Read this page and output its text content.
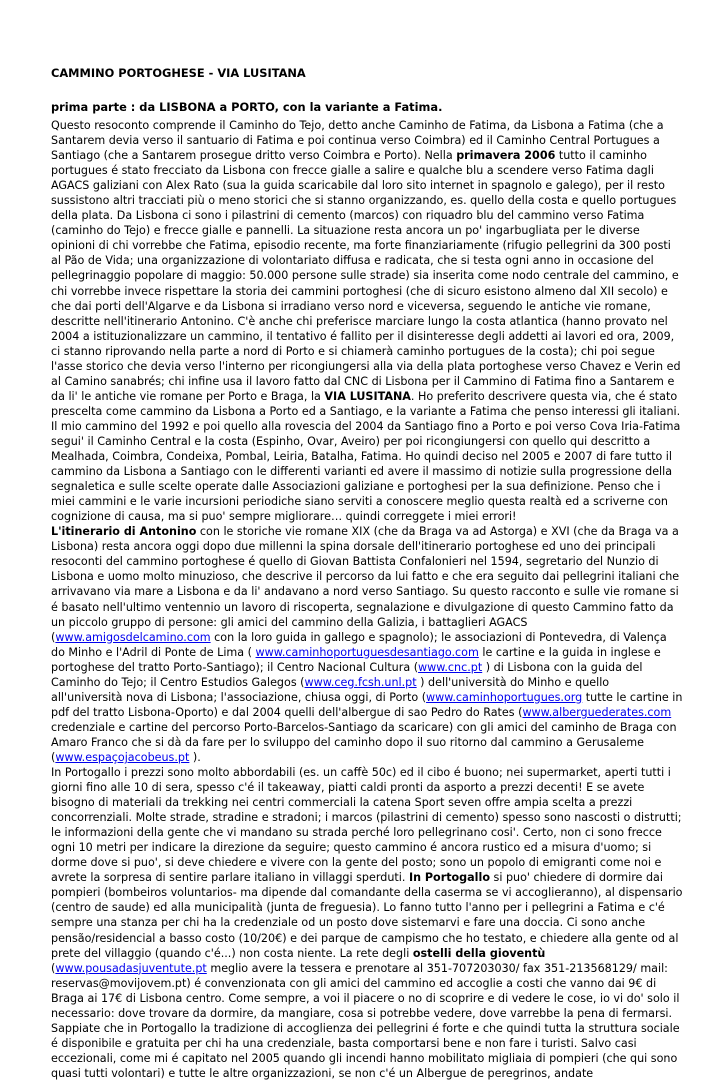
CAMMINO PORTOGHESE - VIA LUSITANA

prima parte : da LISBONA a PORTO, con la variante a Fatima.

Questo resoconto comprende il Caminho do Tejo, detto anche Caminho de Fatima, da Lisbona a Fatima (che a Santarem devia verso il santuario di Fatima e poi continua verso Coimbra) ed il Caminho Central Portugues a Santiago (che a Santarem prosegue dritto verso Coimbra e Porto). Nella primavera 2006 tutto il caminho portugues é stato frecciato da Lisbona con frecce gialle a salire e qualche blu a scendere verso Fatima dagli AGACS galiziani con Alex Rato (sua la guida scaricabile dal loro sito internet in spagnolo e galego), per il resto sussistono altri tracciati più o meno storici che si stanno organizzando, es. quello della costa e quello portugues della plata. Da Lisbona ci sono i pilastrini di cemento (marcos) con riquadro blu del cammino verso Fatima (caminho do Tejo) e frecce gialle e pannelli. La situazione resta ancora un po' ingarbugliata per le diverse opinioni di chi vorrebbe che Fatima, episodio recente, ma forte finanziariamente (rifugio pellegrini da 300 posti al Pão de Vida; una organizzazione di volontariato diffusa e radicata, che si testa ogni anno in occasione del pellegrinaggio popolare di maggio: 50.000 persone sulle strade) sia inserita come nodo centrale del cammino, e chi vorrebbe invece rispettare la storia dei cammini portoghesi (che di sicuro esistono almeno dal XII secolo) e che dai porti dell'Algarve e da Lisbona si irradiano verso nord e viceversa, seguendo le antiche vie romane, descritte nell'itinerario Antonino. C'è anche chi preferisce marciare lungo la costa atlantica (hanno provato nel 2004 a istituzionalizzare un cammino, il tentativo é fallito per il disinteresse degli addetti ai lavori ed ora, 2009, ci stanno riprovando nella parte a nord di Porto e si chiamerà caminho portugues de la costa); chi poi segue l'asse storico che devia verso l'interno per ricongiungersi alla via della plata portoghese verso Chavez e Verin ed al Camino sanabrés; chi infine usa il lavoro fatto dal CNC di Lisbona per il Cammino di Fatima fino a Santarem e da li' le antiche vie romane per Porto e Braga, la VIA LUSITANA. Ho preferito descrivere questa via, che é stato prescelta come cammino da Lisbona a Porto ed a Santiago, e la variante a Fatima che penso interessi gli italiani. Il mio cammino del 1992 e poi quello alla rovescia del 2004 da Santiago fino a Porto e poi verso Cova Iria-Fatima segui' il Caminho Central e la costa (Espinho, Ovar, Aveiro) per poi ricongiungersi con quello qui descritto a Mealhada, Coimbra, Condeixa, Pombal, Leiria, Batalha, Fatima. Ho quindi deciso nel 2005 e 2007 di fare tutto il cammino da Lisbona a Santiago con le differenti varianti ed avere il massimo di notizie sulla progressione della segnaletica e sulle scelte operate dalle Associazioni galiziane e portoghesi per la sua definizione. Penso che i miei cammini e le varie incursioni periodiche siano serviti a conoscere meglio questa realtà ed a scriverne con cognizione di causa, ma si puo' sempre migliorare… quindi correggete i miei errori!

L'itinerario di Antonino con le storiche vie romane XIX (che da Braga va ad Astorga) e XVI (che da Braga va a Lisbona) resta ancora oggi dopo due millenni la spina dorsale dell'itinerario portoghese ed uno dei principali resoconti del cammino portoghese é quello di Giovan Battista Confalonieri nel 1594, segretario del Nunzio di Lisbona e uomo molto minuzioso, che descrive il percorso da lui fatto e che era seguito dai pellegrini italiani che arrivavano via mare a Lisbona e da li' andavano a nord verso Santiago. Su questo racconto e sulle vie romane si é basato nell'ultimo ventennio un lavoro di riscoperta, segnalazione e divulgazione di questo Cammino fatto da un piccolo gruppo di persone: gli amici del cammino della Galizia, i battaglieri AGACS (www.amigosdelcamino.com con la loro guida in gallego e spagnolo); le associazioni di Pontevedra, di Valença do Minho e l'Adril di Ponte de Lima ( www.caminhoportuguesdesantiago.com le cartine e la guida in inglese e portoghese del tratto Porto-Santiago); il Centro Nacional Cultura (www.cnc.pt ) di Lisbona con la guida del Caminho do Tejo; il Centro Estudios Galegos (www.ceg.fcsh.unl.pt ) dell'università do Minho e quello all'università nova di Lisbona; l'associazione, chiusa oggi, di Porto (www.caminhoportugues.org tutte le cartine in pdf del tratto Lisbona-Oporto) e dal 2004 quelli dell'albergue di sao Pedro do Rates (www.alberguederates.com credenziale e cartine del percorso Porto-Barcelos-Santiago da scaricare) con gli amici del caminho de Braga con Amaro Franco che si dà da fare per lo sviluppo del caminho dopo il suo ritorno dal cammino a Gerusaleme (www.espaçojacobeus.pt ).

In Portogallo i prezzi sono molto abbordabili (es. un caffè 50c) ed il cibo é buono; nei supermarket, aperti tutti i giorni fino alle 10 di sera, spesso c'é il takeaway, piatti caldi pronti da asporto a prezzi decenti! E se avete bisogno di materiali da trekking nei centri commerciali la catena Sport seven offre ampia scelta a prezzi concorrenziali. Molte strade, stradine e stradoni; i marcos (pilastrini di cemento) spesso sono nascosti o distrutti; le informazioni della gente che vi mandano su strada perché loro pellegrinano cosi'. Certo, non ci sono frecce ogni 10 metri per indicare la direzione da seguire; questo cammino é ancora rustico ed a misura d'uomo; si dorme dove si puo', si deve chiedere e vivere con la gente del posto; sono un popolo di emigranti come noi e avrete la sorpresa di sentire parlare italiano in villaggi sperduti. In Portogallo si puo' chiedere di dormire dai pompieri (bombeiros voluntarios- ma dipende dal comandante della caserma se vi accoglieranno), al dispensario (centro de saude) ed alla municipalità (junta de freguesia). Lo fanno tutto l'anno per i pellegrini a Fatima e c'é sempre una stanza per chi ha la credenziale od un posto dove sistemarvi e fare una doccia. Ci sono anche pensão/residencial a basso costo (10/20€) e dei parque de campismo che ho testato, e chiedere alla gente od al prete del villaggio (quando c'é...) non costa niente. La rete degli ostelli della gioventù (www.pousadasjuventute.pt meglio avere la tessera e prenotare al 351-707203030/ fax 351-213568129/ mail: reservas@movijovem.pt) é convenzionata con gli amici del cammino ed accoglie a costi che vanno dai 9€ di Braga ai 17€ di Lisbona centro. Come sempre, a voi il piacere o no di scoprire e di vedere le cose, io vi do' solo il necessario: dove trovare da dormire, da mangiare, cosa si potrebbe vedere, dove varrebbe la pena di fermarsi. Sappiate che in Portogallo la tradizione di accoglienza dei pellegrini é forte e che quindi tutta la struttura sociale é disponibile e gratuita per chi ha una credenziale, basta comportarsi bene e non fare i turisti. Salvo casi eccezionali, come mi é capitato nel 2005 quando gli incendi hanno mobilitato migliaia di pompieri (che qui sono quasi tutti volontari) e tutte le altre organizzazioni, se non c'é un Albergue de peregrinos, andate
